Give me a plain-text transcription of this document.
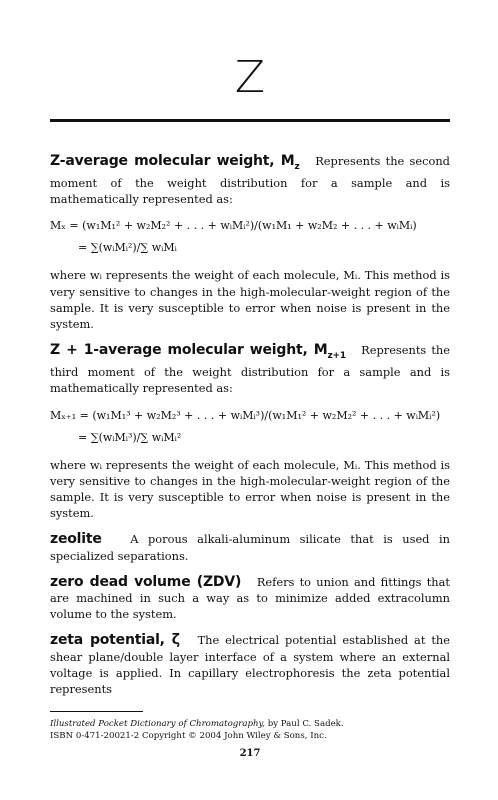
Z

Z-average molecular weight, $M_z$ Represents the second moment of the weight distribution for a sample and is mathematically represented as:

Mₓ = (w₁M₁² + w₂M₂² + . . . + wᵢMᵢ²)/(w₁M₁ + w₂M₂ + . . . + wᵢMᵢ)
= ∑(wᵢMᵢ²)/∑ wᵢMᵢ

where wᵢ represents the weight of each molecule, Mᵢ. This method is very sensitive to changes in the high-molecular-weight region of the sample. It is very susceptible to error when noise is present in the system.

Z + 1-average molecular weight, $M_{z+1}$ Represents the third moment of the weight distribution for a sample and is mathematically represented as:

Mₓ₊₁ = (w₁M₁³ + w₂M₂³ + . . . + wᵢMᵢ³)/(w₁M₁² + w₂M₂² + . . . + wᵢMᵢ²)
= ∑(wᵢMᵢ³)/∑ wᵢMᵢ²

where wᵢ represents the weight of each molecule, Mᵢ. This method is very sensitive to changes in the high-molecular-weight region of the sample. It is very susceptible to error when noise is present in the system.

zeolite	A porous alkali-aluminum silicate that is used in specialized separations.

zero dead volume (ZDV) Refers to union and fittings that are machined in such a way as to minimize added extracolumn volume to the system.

zeta potential, ζ The electrical potential established at the shear plane/double layer interface of a system where an external voltage is applied. In capillary electrophoresis the zeta potential represents

Illustrated Pocket Dictionary of Chromatography, by Paul C. Sadek.
ISBN 0-471-20021-2 Copyright © 2004 John Wiley & Sons, Inc.
217
